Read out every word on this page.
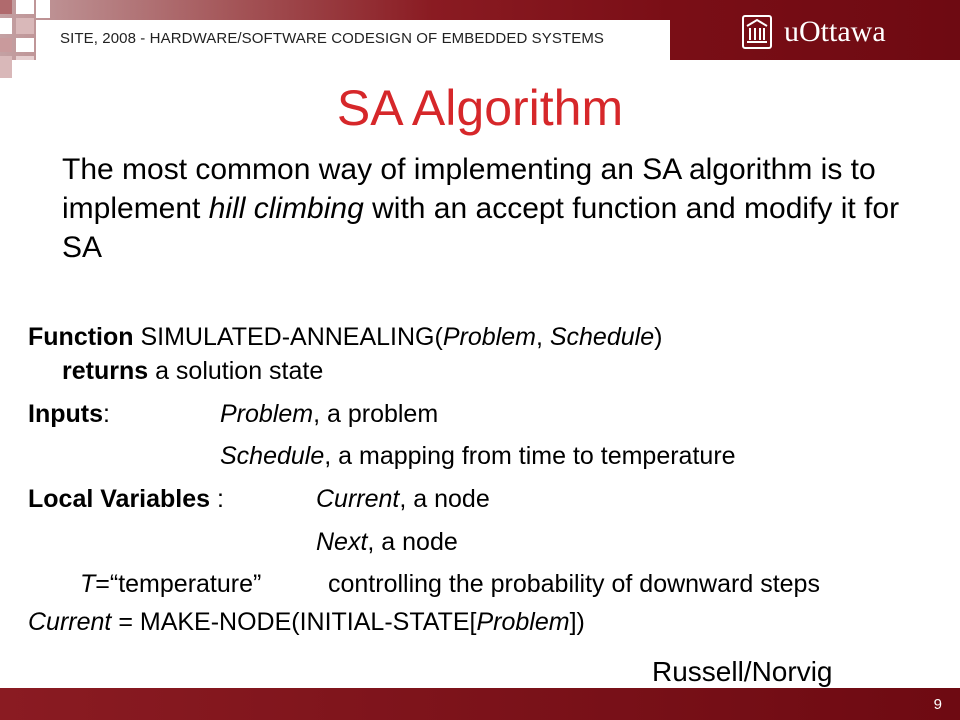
SITE, 2008 - HARDWARE/SOFTWARE CODESIGN OF EMBEDDED SYSTEMS	uOttawa
SA Algorithm
The most common way of implementing an SA algorithm is to implement hill climbing with an accept function and modify it for SA
Function SIMULATED-ANNEALING(Problem, Schedule)
returns a solution state
Inputs:	Problem, a problem
Schedule, a mapping from time to temperature
Local Variables :	Current, a node
Next, a node
T=“temperature”	controlling the probability of downward steps
Current = MAKE-NODE(INITIAL-STATE[Problem])
Russell/Norvig
9
